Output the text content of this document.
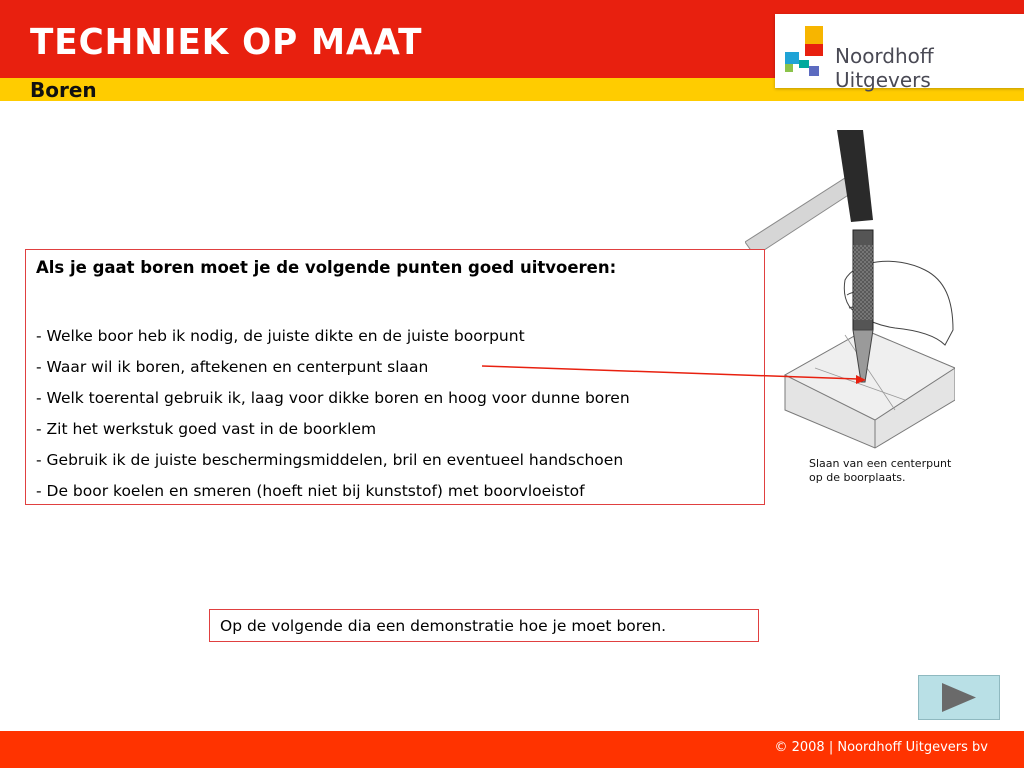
TECHNIEK OP MAAT
Boren
Noordhoff Uitgevers
Slaan van een centerpunt
op de boorplaats.
Als je gaat boren moet je de volgende punten goed uitvoeren:
- Welke boor heb ik nodig, de juiste dikte en de juiste boorpunt
- Waar wil ik boren, aftekenen en centerpunt slaan
- Welk toerental gebruik ik, laag voor dikke boren en hoog voor dunne boren
- Zit het werkstuk goed vast in de boorklem
- Gebruik ik de juiste beschermingsmiddelen, bril en eventueel handschoen
- De boor koelen en smeren (hoeft niet bij kunststof) met boorvloeistof
Op de volgende dia een demonstratie hoe je moet boren.
© 2008 | Noordhoff Uitgevers bv
